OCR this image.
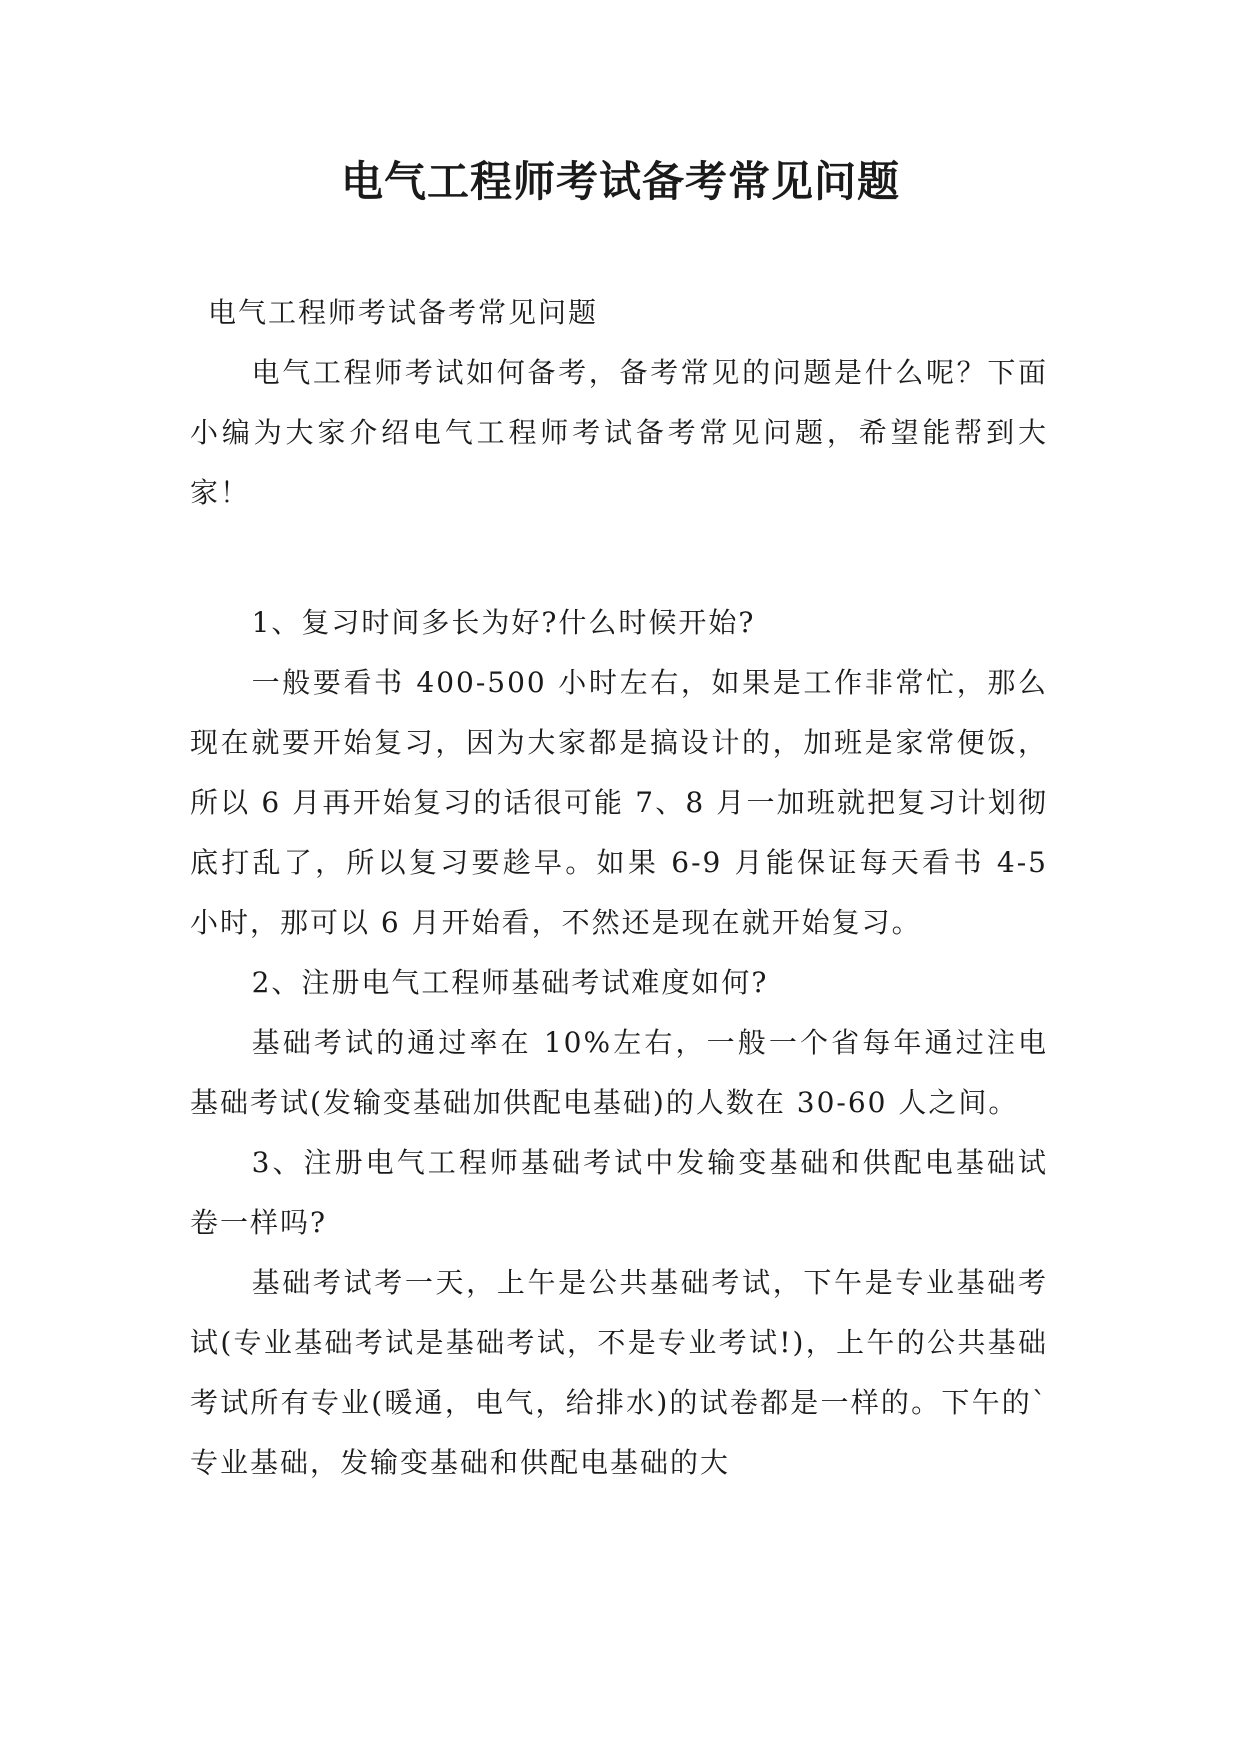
电气工程师考试备考常见问题

电气工程师考试备考常见问题

电气工程师考试如何备考，备考常见的问题是什么呢？下面小编为大家介绍电气工程师考试备考常见问题，希望能帮到大家！

1、复习时间多长为好?什么时候开始?

一般要看书 400-500 小时左右，如果是工作非常忙，那么现在就要开始复习，因为大家都是搞设计的，加班是家常便饭，所以 6 月再开始复习的话很可能 7、8 月一加班就把复习计划彻底打乱了，所以复习要趁早。如果 6-9 月能保证每天看书 4-5 小时，那可以 6 月开始看，不然还是现在就开始复习。

2、注册电气工程师基础考试难度如何?

基础考试的通过率在 10%左右，一般一个省每年通过注电基础考试(发输变基础加供配电基础)的人数在 30-60 人之间。

3、注册电气工程师基础考试中发输变基础和供配电基础试卷一样吗?

基础考试考一天，上午是公共基础考试，下午是专业基础考试(专业基础考试是基础考试，不是专业考试!)，上午的公共基础考试所有专业(暖通，电气，给排水)的试卷都是一样的。下午的`专业基础，发输变基础和供配电基础的大
